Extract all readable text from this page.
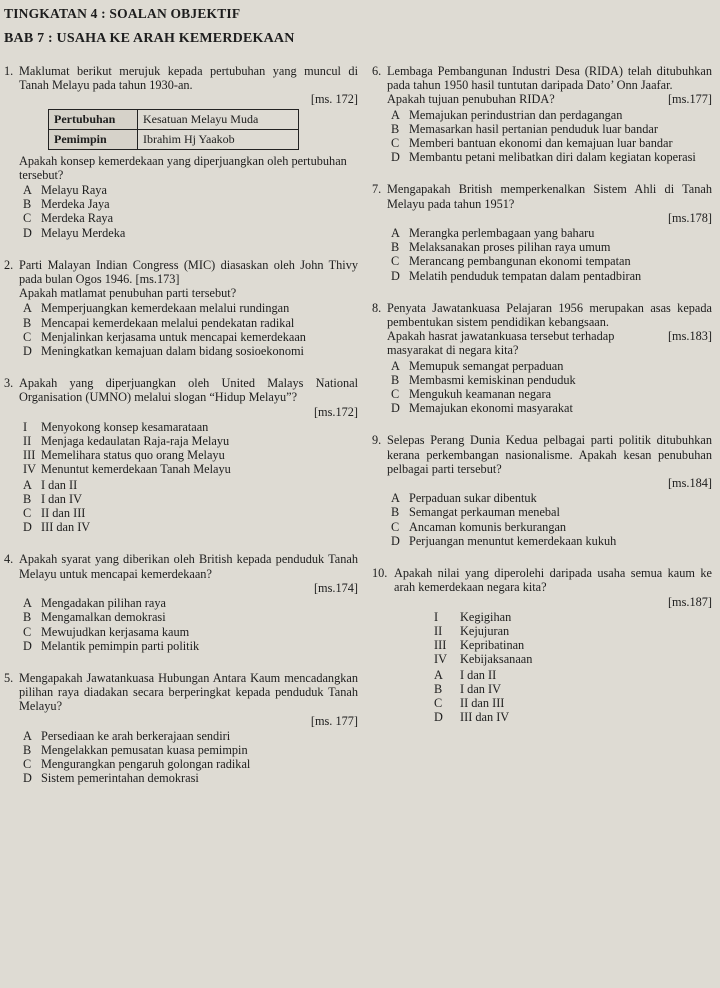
TINGKATAN 4 : SOALAN OBJEKTIF
BAB 7 : USAHA KE ARAH KEMERDEKAAN
1. Maklumat berikut merujuk kepada pertubuhan yang muncul di Tanah Melayu pada tahun 1930-an.
[ms. 172]
Pertubuhan	Kesatuan Melayu Muda
Pemimpin	Ibrahim Hj Yaakob
Apakah konsep kemerdekaan yang diperjuangkan oleh pertubuhan tersebut?
A Melayu Raya
B Merdeka Jaya
C Merdeka Raya
D Melayu Merdeka
2. Parti Malayan Indian Congress (MIC) diasaskan oleh John Thivy pada bulan Ogos 1946. [ms.173]
Apakah matlamat penubuhan parti tersebut?
A Memperjuangkan kemerdekaan melalui rundingan
B Mencapai kemerdekaan melalui pendekatan radikal
C Menjalinkan kerjasama untuk mencapai kemerdekaan
D Meningkatkan kemajuan dalam bidang sosioekonomi
3. Apakah yang diperjuangkan oleh United Malays National Organisation (UMNO) melalui slogan “Hidup Melayu”?
[ms.172]
I	Menyokong konsep kesamarataan
II Menjaga kedaulatan Raja-raja Melayu
III Memelihara status quo orang Melayu
IV Menuntut kemerdekaan Tanah Melayu
A I dan II
B I dan IV
C II dan III
D III dan IV
4. Apakah syarat yang diberikan oleh British kepada penduduk Tanah Melayu untuk mencapai kemerdekaan?
[ms.174]
A Mengadakan pilihan raya
B Mengamalkan demokrasi
C Mewujudkan kerjasama kaum
D Melantik pemimpin parti politik
5. Mengapakah Jawatankuasa Hubungan Antara Kaum mencadangkan pilihan raya diadakan secara berperingkat kepada penduduk Tanah Melayu?
[ms. 177]
A Persediaan ke arah berkerajaan sendiri
B Mengelakkan pemusatan kuasa pemimpin
C Mengurangkan pengaruh golongan radikal
D Sistem pemerintahan demokrasi
6. Lembaga Pembangunan Industri Desa (RIDA) telah ditubuhkan pada tahun 1950 hasil tuntutan daripada Dato’ Onn Jaafar.
Apakah tujuan penubuhan RIDA?	[ms.177]
A Memajukan perindustrian dan perdagangan
B Memasarkan hasil pertanian penduduk luar bandar
C Memberi bantuan ekonomi dan kemajuan luar bandar
D Membantu petani melibatkan diri dalam kegiatan koperasi
7. Mengapakah British memperkenalkan Sistem Ahli di Tanah Melayu pada tahun 1951?
[ms.178]
A Merangka perlembagaan yang baharu
B Melaksanakan proses pilihan raya umum
C Merancang pembangunan ekonomi tempatan
D Melatih penduduk tempatan dalam pentadbiran
8. Penyata Jawatankuasa Pelajaran 1956 merupakan asas kepada pembentukan sistem pendidikan kebangsaan.
Apakah hasrat jawatankuasa tersebut terhadap masyarakat di negara kita?
[ms.183]
A Memupuk semangat perpaduan
B Membasmi kemiskinan penduduk
C Mengukuh keamanan negara
D Memajukan ekonomi masyarakat
9. Selepas Perang Dunia Kedua pelbagai parti politik ditubuhkan kerana perkembangan nasionalisme. Apakah kesan penubuhan pelbagai parti tersebut?
[ms.184]
A Perpaduan sukar dibentuk
B Semangat perkauman menebal
C Ancaman komunis berkurangan
D Perjuangan menuntut kemerdekaan kukuh
10. Apakah nilai yang diperolehi daripada usaha semua kaum ke arah kemerdekaan negara kita?
[ms.187]
I	Kegigihan
II	Kejujuran
III	Kepribatinan
IV	Kebijaksanaan
A	I dan II
B	I dan IV
C	II dan III
D	III dan IV
